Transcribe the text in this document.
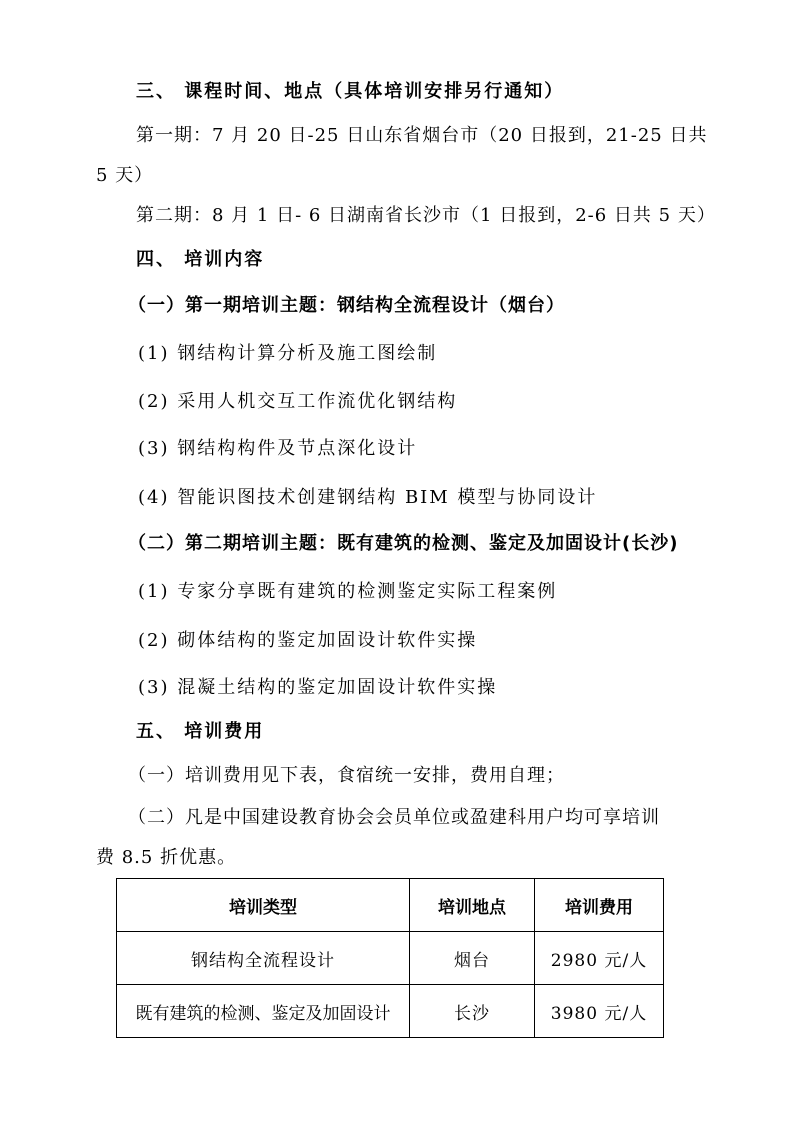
三、 课程时间、地点（具体培训安排另行通知）
第一期：7 月 20 日-25 日山东省烟台市（20 日报到，21-25 日共
5 天）
第二期：8 月 1 日- 6 日湖南省长沙市（1 日报到，2-6 日共 5 天）
四、 培训内容
（一）第一期培训主题：钢结构全流程设计（烟台）
(1) 钢结构计算分析及施工图绘制
(2) 采用人机交互工作流优化钢结构
(3) 钢结构构件及节点深化设计
(4) 智能识图技术创建钢结构 BIM 模型与协同设计
（二）第二期培训主题：既有建筑的检测、鉴定及加固设计(长沙)
(1) 专家分享既有建筑的检测鉴定实际工程案例
(2) 砌体结构的鉴定加固设计软件实操
(3) 混凝土结构的鉴定加固设计软件实操
五、 培训费用
（一）培训费用见下表，食宿统一安排，费用自理；
（二）凡是中国建设教育协会会员单位或盈建科用户均可享培训
费 8.5 折优惠。
培训类型	培训地点	培训费用
钢结构全流程设计	烟台	2980 元/人
既有建筑的检测、鉴定及加固设计	长沙	3980 元/人
